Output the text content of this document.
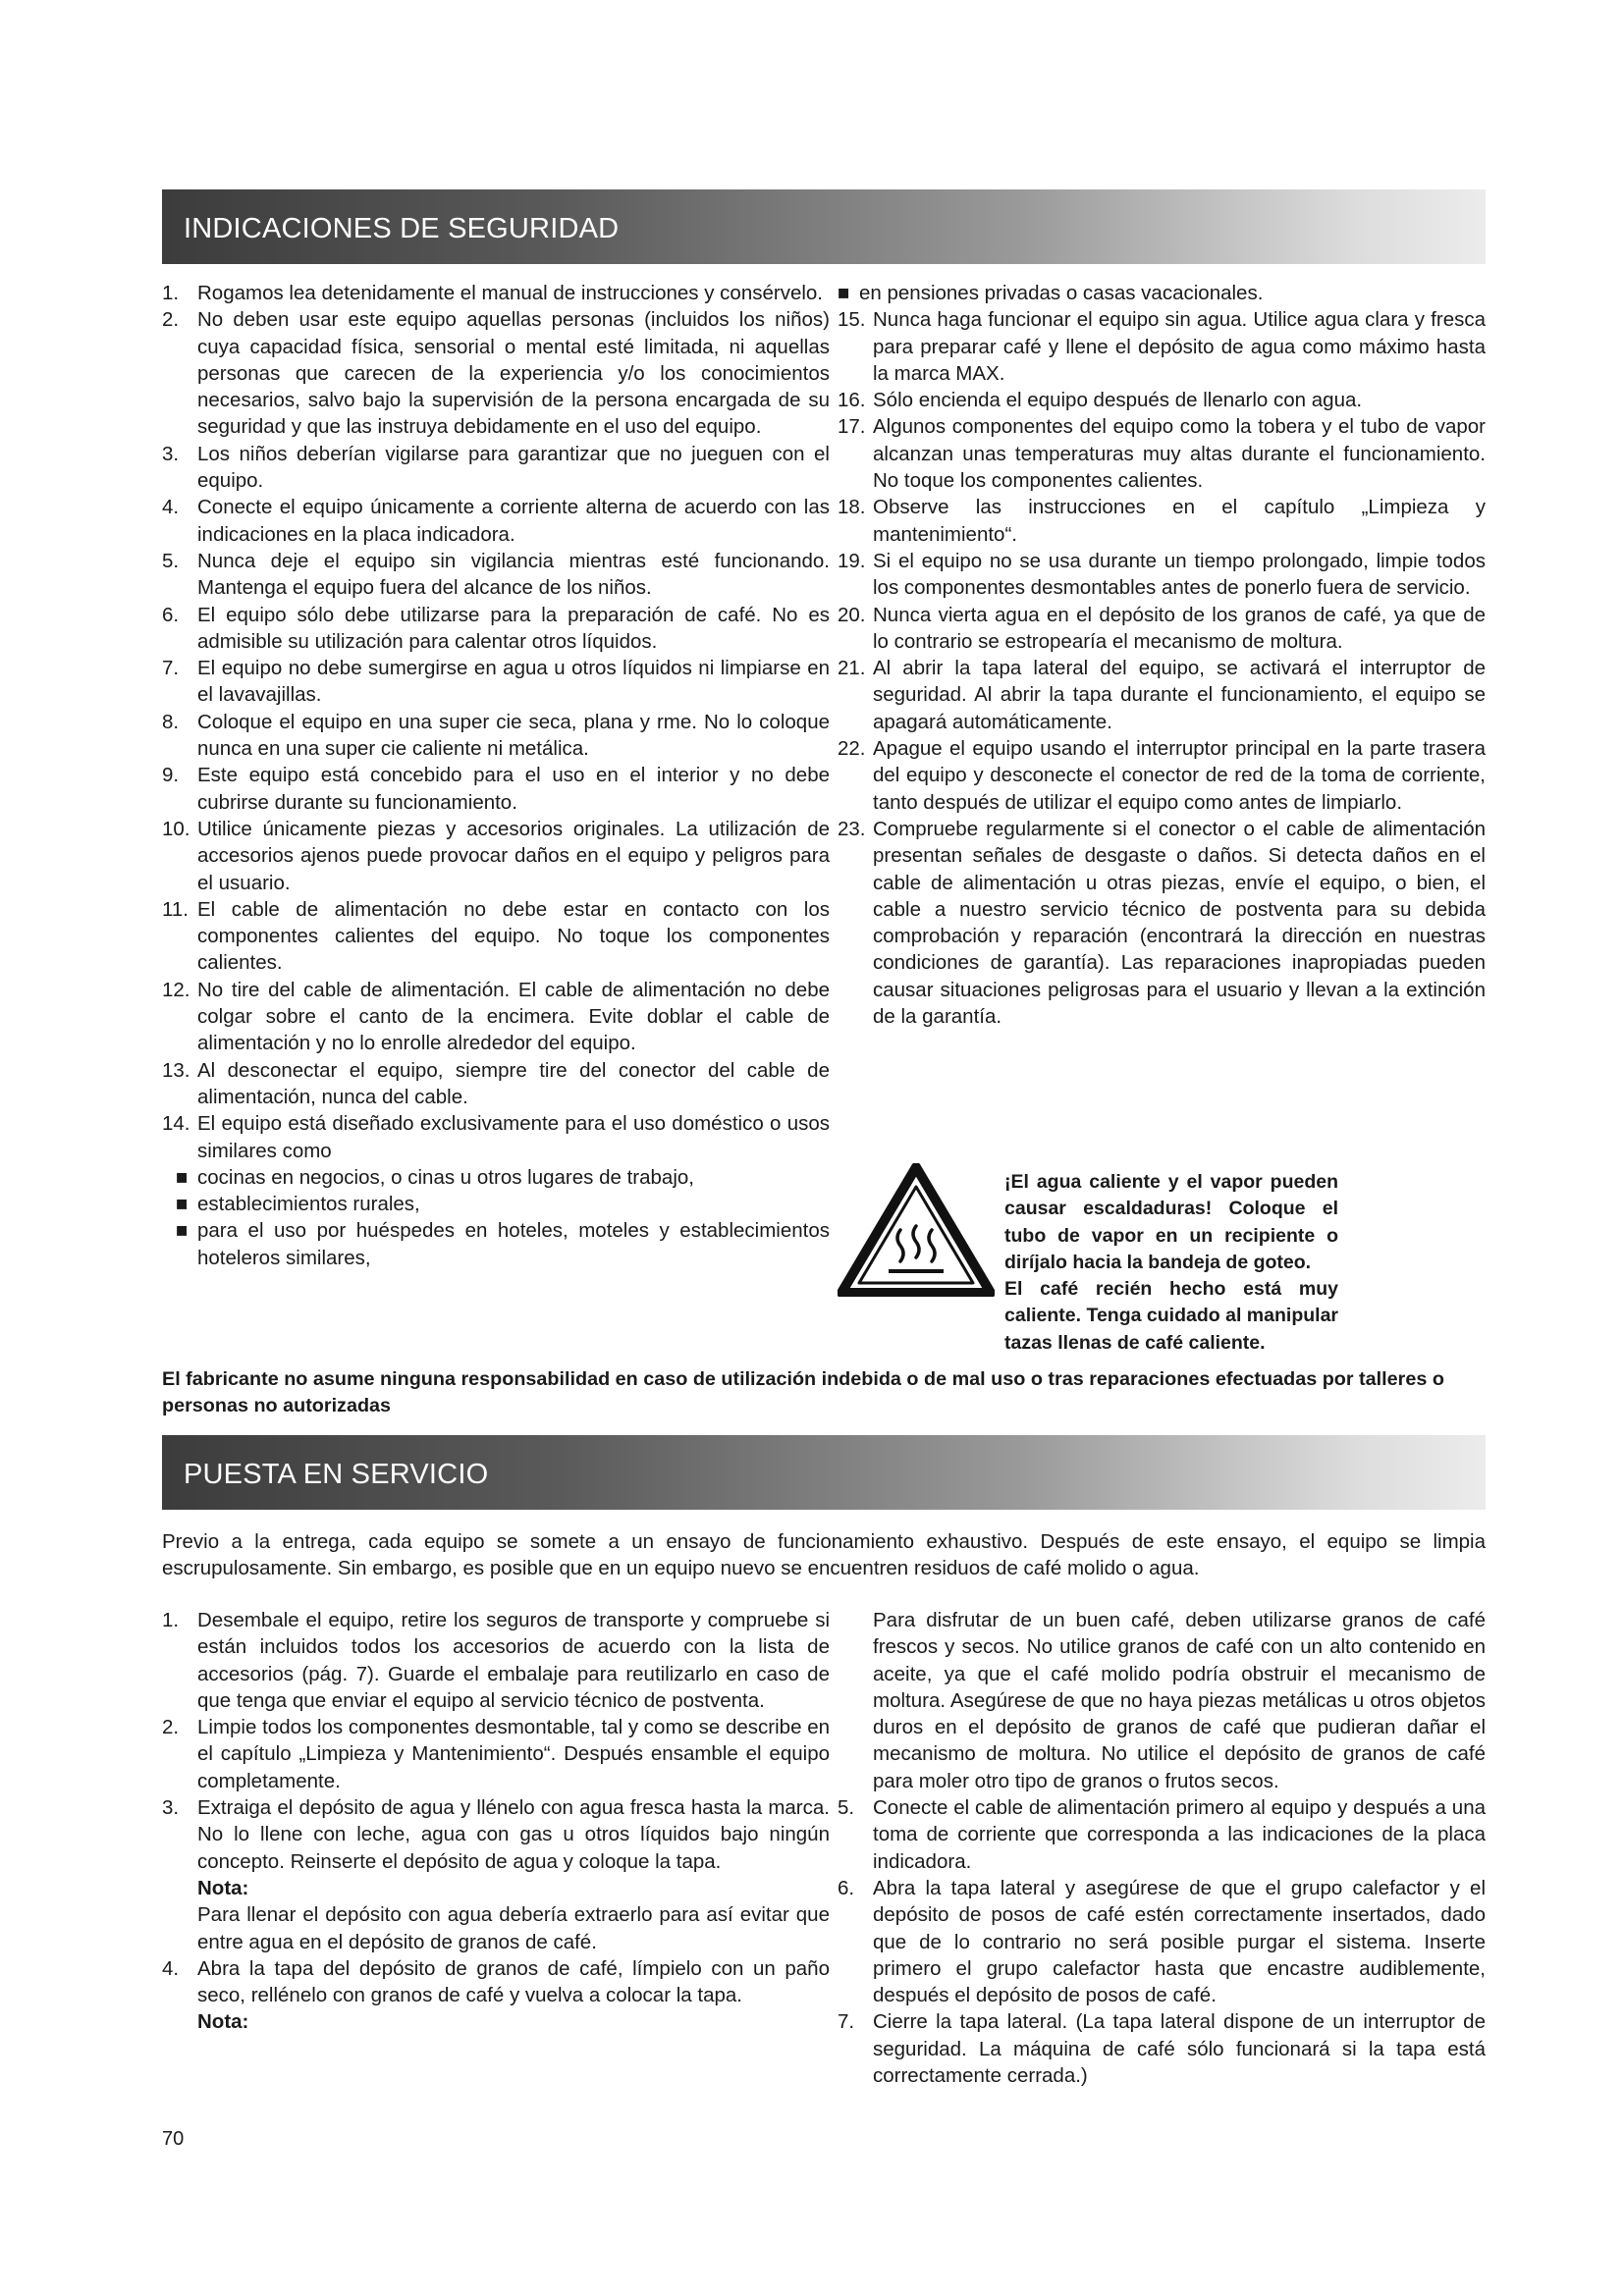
INDICACIONES DE SEGURIDAD
1. Rogamos lea detenidamente el manual de instrucciones y consérvelo.
2. No deben usar este equipo aquellas personas (incluidos los niños) cuya capacidad física, sensorial o mental esté limitada, ni aquellas personas que carecen de la experiencia y/o los conocimientos necesarios, salvo bajo la supervisión de la persona encargada de su seguridad y que las instruya debidamente en el uso del equipo.
3. Los niños deberían vigilarse para garantizar que no jueguen con el equipo.
4. Conecte el equipo únicamente a corriente alterna de acuerdo con las indicaciones en la placa indicadora.
5. Nunca deje el equipo sin vigilancia mientras esté funcionando. Mantenga el equipo fuera del alcance de los niños.
6. El equipo sólo debe utilizarse para la preparación de café. No es admisible su utilización para calentar otros líquidos.
7. El equipo no debe sumergirse en agua u otros líquidos ni limpiarse en el lavavajillas.
8. Coloque el equipo en una super cie seca, plana y rme. No lo coloque nunca en una super cie caliente ni metálica.
9. Este equipo está concebido para el uso en el interior y no debe cubrirse durante su funcionamiento.
10. Utilice únicamente piezas y accesorios originales. La utilización de accesorios ajenos puede provocar daños en el equipo y peligros para el usuario.
11. El cable de alimentación no debe estar en contacto con los componentes calientes del equipo. No toque los componentes calientes.
12. No tire del cable de alimentación. El cable de alimentación no debe colgar sobre el canto de la encimera. Evite doblar el cable de alimentación y no lo enrolle alrededor del equipo.
13. Al desconectar el equipo, siempre tire del conector del cable de alimentación, nunca del cable.
14. El equipo está diseñado exclusivamente para el uso doméstico o usos similares como
■ cocinas en negocios, o cinas u otros lugares de trabajo,
■ establecimientos rurales,
■ para el uso por huéspedes en hoteles, moteles y establecimientos hoteleros similares,
■ en pensiones privadas o casas vacacionales.
15. Nunca haga funcionar el equipo sin agua. Utilice agua clara y fresca para preparar café y llene el depósito de agua como máximo hasta la marca MAX.
16. Sólo encienda el equipo después de llenarlo con agua.
17. Algunos componentes del equipo como la tobera y el tubo de vapor alcanzan unas temperaturas muy altas durante el funcionamiento. No toque los componentes calientes.
18. Observe las instrucciones en el capítulo „Limpieza y mantenimiento“.
19. Si el equipo no se usa durante un tiempo prolongado, limpie todos los componentes desmontables antes de ponerlo fuera de servicio.
20. Nunca vierta agua en el depósito de los granos de café, ya que de lo contrario se estropearía el mecanismo de moltura.
21. Al abrir la tapa lateral del equipo, se activará el interruptor de seguridad. Al abrir la tapa durante el funcionamiento, el equipo se apagará automáticamente.
22. Apague el equipo usando el interruptor principal en la parte trasera del equipo y desconecte el conector de red de la toma de corriente, tanto después de utilizar el equipo como antes de limpiarlo.
23. Compruebe regularmente si el conector o el cable de alimentación presentan señales de desgaste o daños. Si detecta daños en el cable de alimentación u otras piezas, envíe el equipo, o bien, el cable a nuestro servicio técnico de postventa para su debida comprobación y reparación (encontrará la dirección en nuestras condiciones de garantía). Las reparaciones inapropiadas pueden causar situaciones peligrosas para el usuario y llevan a la extinción de la garantía.
¡El agua caliente y el vapor pueden causar escaldaduras! Coloque el tubo de vapor en un recipiente o diríjalo hacia la bandeja de goteo.
El café recién hecho está muy caliente. Tenga cuidado al manipular tazas llenas de café caliente.
El fabricante no asume ninguna responsabilidad en caso de utilización indebida o de mal uso o tras reparaciones efectuadas por talleres o personas no autorizadas
PUESTA EN SERVICIO
Previo a la entrega, cada equipo se somete a un ensayo de funcionamiento exhaustivo. Después de este ensayo, el equipo se limpia escrupulosamente. Sin embargo, es posible que en un equipo nuevo se encuentren residuos de café molido o agua.
1. Desembale el equipo, retire los seguros de transporte y compruebe si están incluidos todos los accesorios de acuerdo con la lista de accesorios (pág. 7). Guarde el embalaje para reutilizarlo en caso de que tenga que enviar el equipo al servicio técnico de postventa.
2. Limpie todos los componentes desmontable, tal y como se describe en el capítulo „Limpieza y Mantenimiento“. Después ensamble el equipo completamente.
3. Extraiga el depósito de agua y llénelo con agua fresca hasta la marca. No lo llene con leche, agua con gas u otros líquidos bajo ningún concepto. Reinserte el depósito de agua y coloque la tapa.
Nota:
Para llenar el depósito con agua debería extraerlo para así evitar que entre agua en el depósito de granos de café.
4. Abra la tapa del depósito de granos de café, límpielo con un paño seco, rellénelo con granos de café y vuelva a colocar la tapa.
Nota:
Para disfrutar de un buen café, deben utilizarse granos de café frescos y secos. No utilice granos de café con un alto contenido en aceite, ya que el café molido podría obstruir el mecanismo de moltura. Asegúrese de que no haya piezas metálicas u otros objetos duros en el depósito de granos de café que pudieran dañar el mecanismo de moltura. No utilice el depósito de granos de café para moler otro tipo de granos o frutos secos.
5. Conecte el cable de alimentación primero al equipo y después a una toma de corriente que corresponda a las indicaciones de la placa indicadora.
6. Abra la tapa lateral y asegúrese de que el grupo calefactor y el depósito de posos de café estén correctamente insertados, dado que de lo contrario no será posible purgar el sistema. Inserte primero el grupo calefactor hasta que encastre audiblemente, después el depósito de posos de café.
7. Cierre la tapa lateral. (La tapa lateral dispone de un interruptor de seguridad. La máquina de café sólo funcionará si la tapa está correctamente cerrada.)
70
